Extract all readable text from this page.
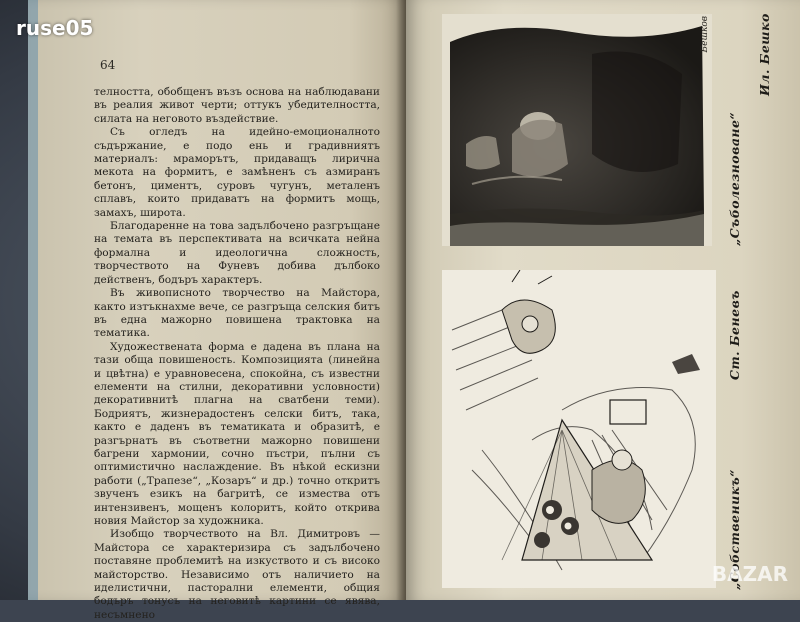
64

телността, обобщенъ възъ основа на наблюдавани въ реалия живот черти; оттукъ убедителността, силата на неговото въздействие.

Съ огледъ на идейно-емоционалното съдържание, е подо ень и градивниятъ материалъ: мраморътъ, придаващъ лиричнa мекота на формитъ, е замѣненъ съ азмиранъ бетонъ, циментъ, суровъ чугунъ, металенъ сплавъ, които придаватъ на формитъ мощь, замахъ, широта.

Благодаренне на това задълбочено разгръщане на темата въ перспективата на всичката нейна формална и идеологична сложность, творчеството на Фуневъ добива дълбоко действенъ, бодъръ характеръ.

Въ живописното творчество на Майстора, както изтъкнахме вече, се разгръща селския битъ въ една мажорно повишена трактовка на тематика.

Художествената форма е дадена въ плана на тази обща повишеность. Композицията (линейна и цвѣтна) е уравновесена, спокойна, съ известни елементи на стилни, декоративни условности) декоративнитѣ плагна на сватбени теми). Бодриятъ, жизнерадостенъ селски битъ, така, както е даденъ въ тематиката и образитѣ, е разгърнатъ въ съответни мажорно повишени багрени хармонии, сочно пъстри, пълни съ оптимистично наслаждение. Въ нѣкой ескизни работи („Трапезе“, „Козаръ“ и др.) точно откритъ звученъ езикъ на багритѣ, се измества отъ интензивенъ, мощенъ колоритъ, който открива новия Майстор за художника.

Изобщо творчеството на Вл. Димитровъ — Майстора се характеризира съ задълбочено поставяне проблемитѣ на изкуството и съ високо майсторство. Независимо отъ наличието на иделистични, пасторални елементи, общия бодъръ тонусъ на неговитѣ картини се явява, несъмнено

Бешков	Ил. Бешко
„Съболезноване“
Ст. Беневъ
„Собственикъ“
ruse05
BAZAR
